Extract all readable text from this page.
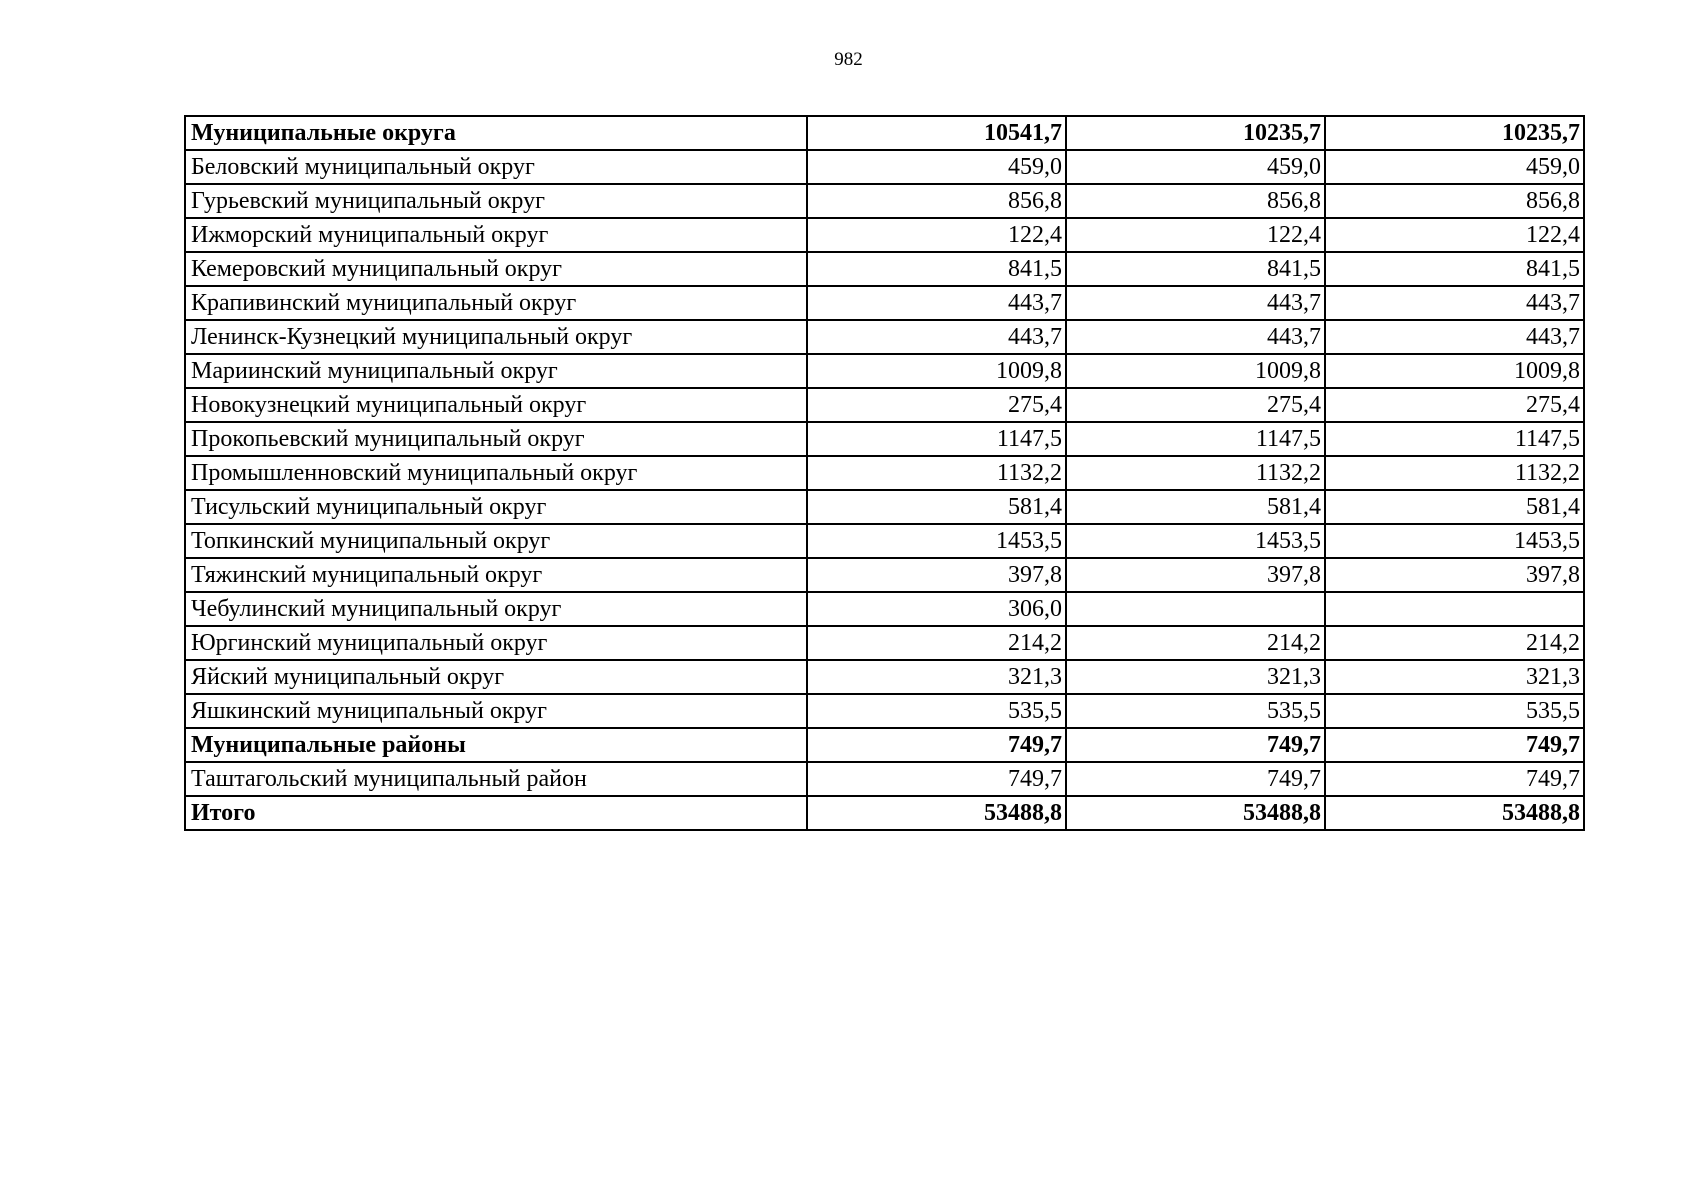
982
Муниципальные округа	10541,7	10235,7	10235,7
Беловский муниципальный округ	459,0	459,0	459,0
Гурьевский муниципальный округ	856,8	856,8	856,8
Ижморский муниципальный округ	122,4	122,4	122,4
Кемеровский муниципальный округ	841,5	841,5	841,5
Крапивинский муниципальный округ	443,7	443,7	443,7
Ленинск-Кузнецкий муниципальный округ	443,7	443,7	443,7
Мариинский муниципальный округ	1009,8	1009,8	1009,8
Новокузнецкий муниципальный округ	275,4	275,4	275,4
Прокопьевский муниципальный округ	1147,5	1147,5	1147,5
Промышленновский муниципальный округ	1132,2	1132,2	1132,2
Тисульский муниципальный округ	581,4	581,4	581,4
Топкинский муниципальный округ	1453,5	1453,5	1453,5
Тяжинский муниципальный округ	397,8	397,8	397,8
Чебулинский муниципальный округ	306,0		
Юргинский муниципальный округ	214,2	214,2	214,2
Яйский муниципальный округ	321,3	321,3	321,3
Яшкинский муниципальный округ	535,5	535,5	535,5
Муниципальные районы	749,7	749,7	749,7
Таштагольский муниципальный район	749,7	749,7	749,7
Итого	53488,8	53488,8	53488,8
